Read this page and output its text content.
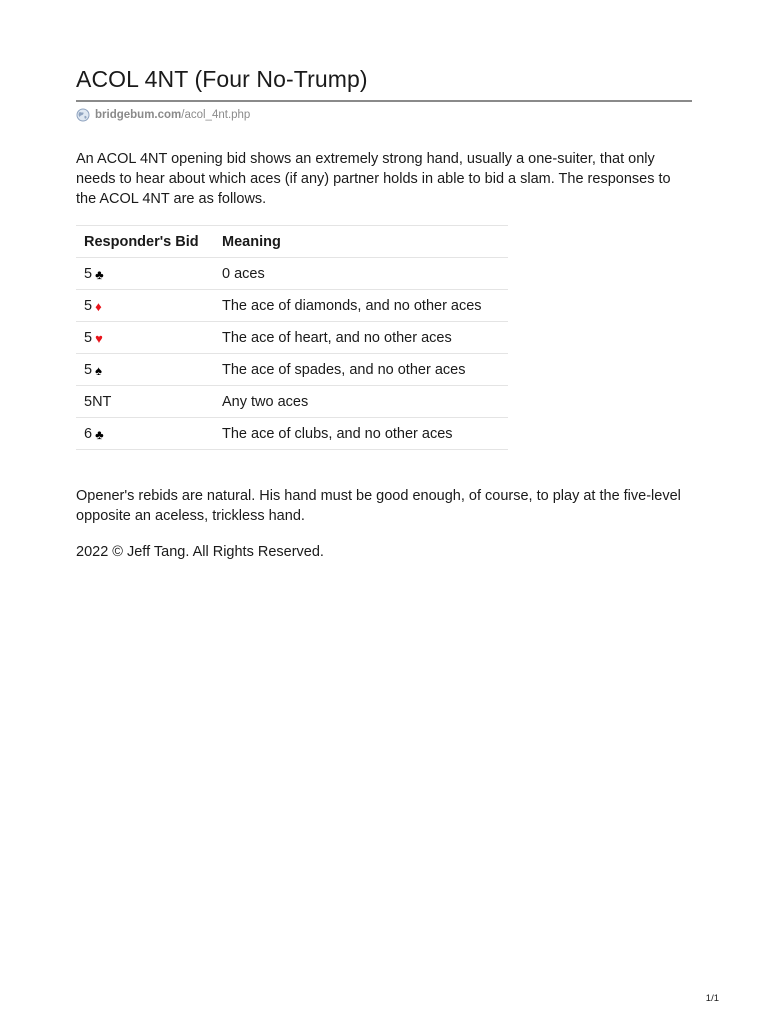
ACOL 4NT (Four No-Trump)
bridgebum.com /acol_4nt.php

An ACOL 4NT opening bid shows an extremely strong hand, usually a one-suiter, that only needs to hear about which aces (if any) partner holds in able to bid a slam. The responses to the ACOL 4NT are as follows.

Responder's Bid	Meaning
5 ♣	0 aces
5 ♦	The ace of diamonds, and no other aces
5 ♥	The ace of heart, and no other aces
5 ♠	The ace of spades, and no other aces
5NT	Any two aces
6 ♣	The ace of clubs, and no other aces

Opener's rebids are natural. His hand must be good enough, of course, to play at the five-level opposite an aceless, trickless hand.

2022 © Jeff Tang. All Rights Reserved.

1/1
